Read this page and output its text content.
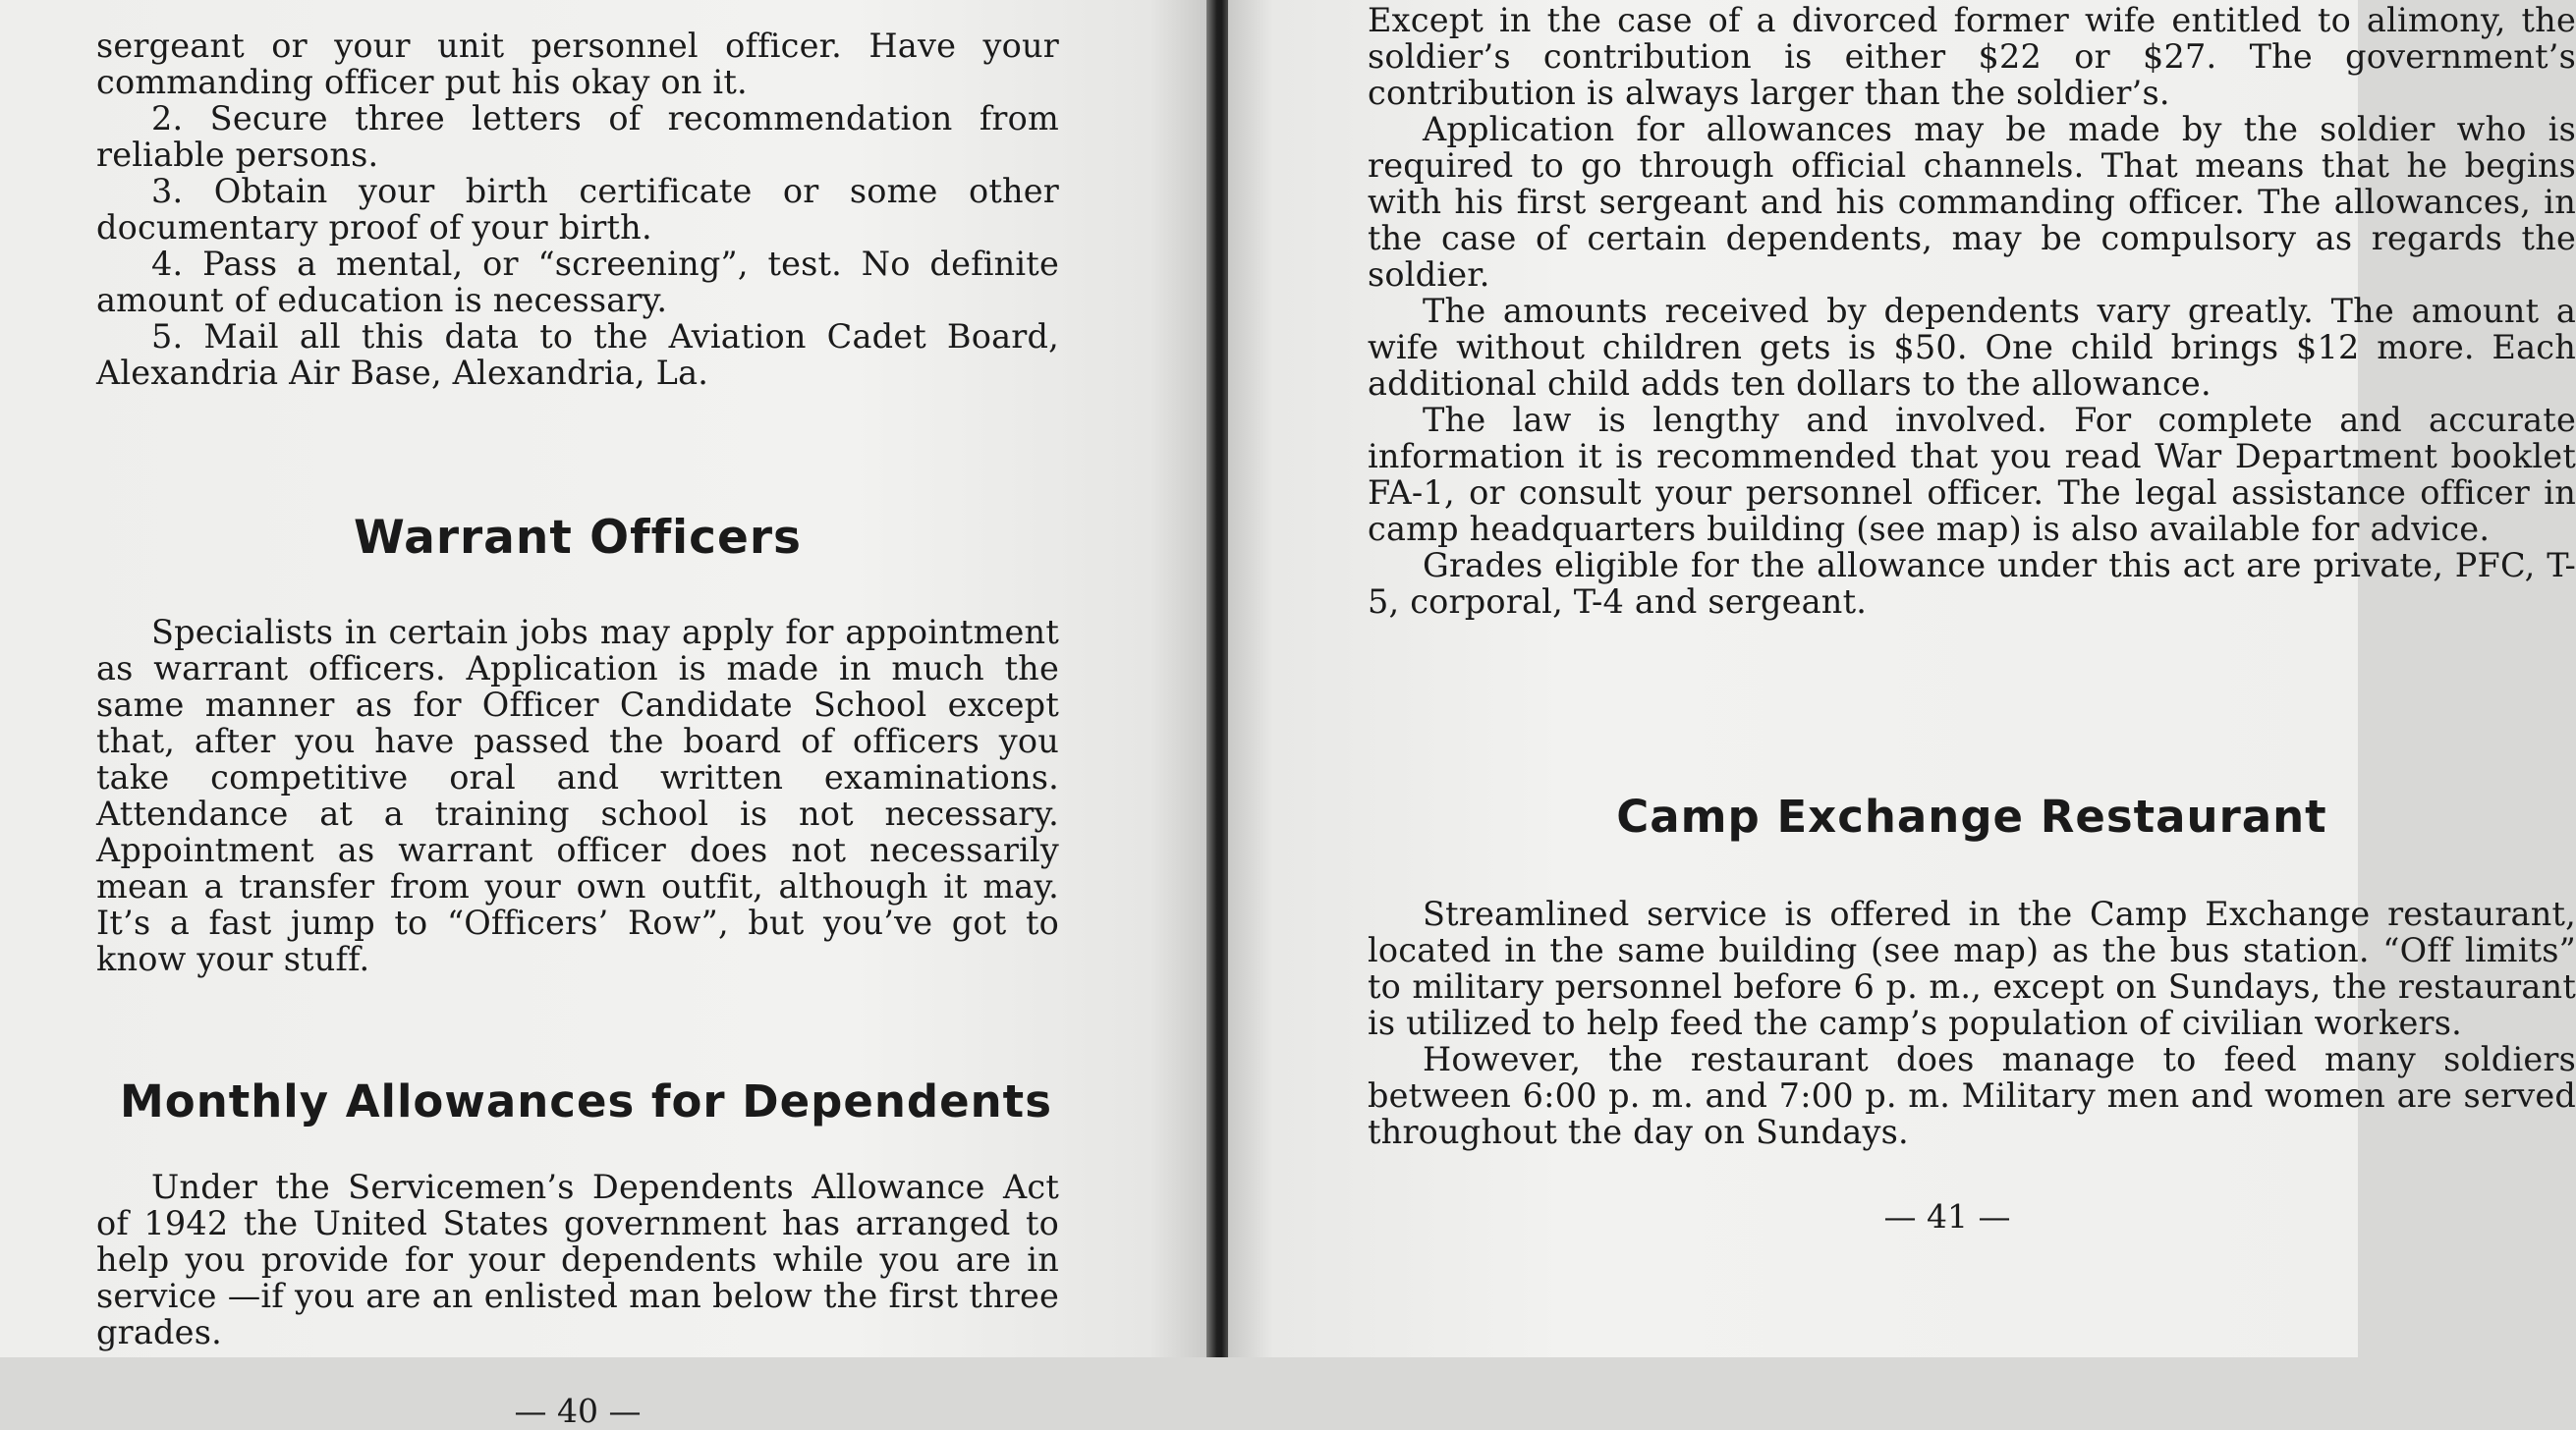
sergeant or your unit personnel officer. Have your commanding officer put his okay on it.

2. Secure three letters of recommendation from reliable persons.

3. Obtain your birth certificate or some other documentary proof of your birth.

4. Pass a mental, or “screening”, test. No definite amount of education is necessary.

5. Mail all this data to the Aviation Cadet Board, Alexandria Air Base, Alexandria, La.

Warrant Officers

Specialists in certain jobs may apply for appointment as warrant officers. Application is made in much the same manner as for Officer Candidate School except that, after you have passed the board of officers you take competitive oral and written examinations. Attendance at a training school is not necessary. Appointment as warrant officer does not necessarily mean a transfer from your own outfit, although it may. It’s a fast jump to “Officers’ Row”, but you’ve got to know your stuff.

Monthly Allowances for Dependents

Under the Servicemen’s Dependents Allowance Act of 1942 the United States government has arranged to help you provide for your dependents while you are in service —if you are an enlisted man below the first three grades.

— 40 —

Except in the case of a divorced former wife entitled to alimony, the soldier’s contribution is either $22 or $27. The government’s contribution is always larger than the soldier’s.

Application for allowances may be made by the soldier who is required to go through official channels. That means that he begins with his first sergeant and his commanding officer. The allowances, in the case of certain dependents, may be compulsory as regards the soldier.

The amounts received by dependents vary greatly. The amount a wife without children gets is $50. One child brings $12 more. Each additional child adds ten dollars to the allowance.

The law is lengthy and involved. For complete and accurate information it is recommended that you read War Department booklet FA-1, or consult your personnel officer. The legal assistance officer in camp headquarters building (see map) is also available for advice.

Grades eligible for the allowance under this act are private, PFC, T-5, corporal, T-4 and sergeant.

Camp Exchange Restaurant

Streamlined service is offered in the Camp Exchange restaurant, located in the same building (see map) as the bus station. “Off limits” to military personnel before 6 p. m., except on Sundays, the restaurant is utilized to help feed the camp’s population of civilian workers.

However, the restaurant does manage to feed many soldiers between 6:00 p. m. and 7:00 p. m. Military men and women are served throughout the day on Sundays.

— 41 —
